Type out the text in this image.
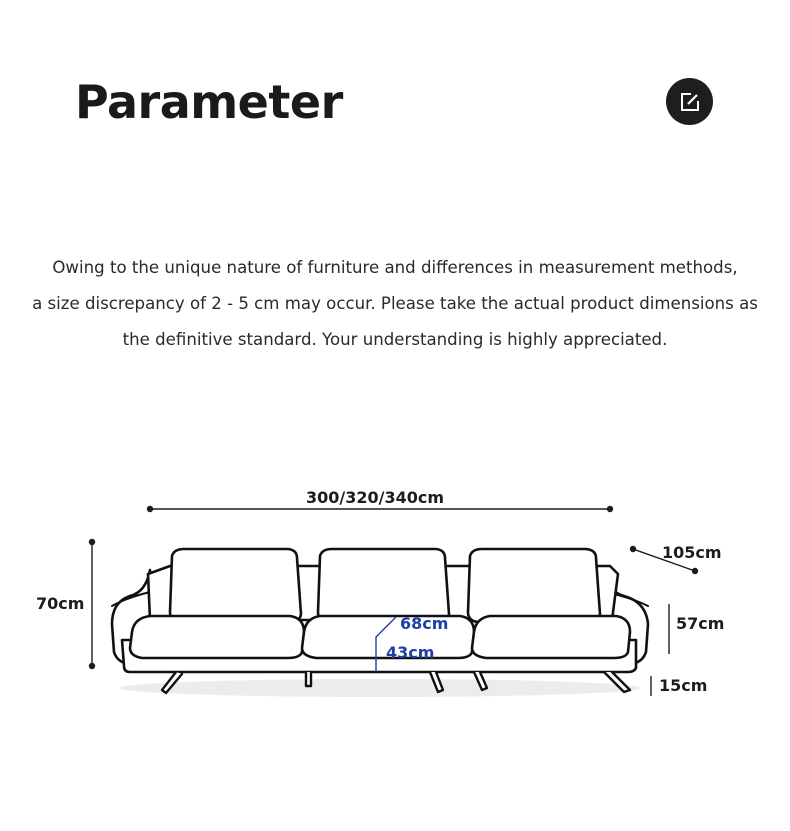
Parameter

Owing to the unique nature of furniture and differences in measurement methods,

a size discrepancy of 2 - 5 cm may occur. Please take the actual product dimensions as

the definitive standard. Your understanding is highly appreciated.

300/320/340cm
70cm
105cm
57cm
15cm
68cm
43cm
